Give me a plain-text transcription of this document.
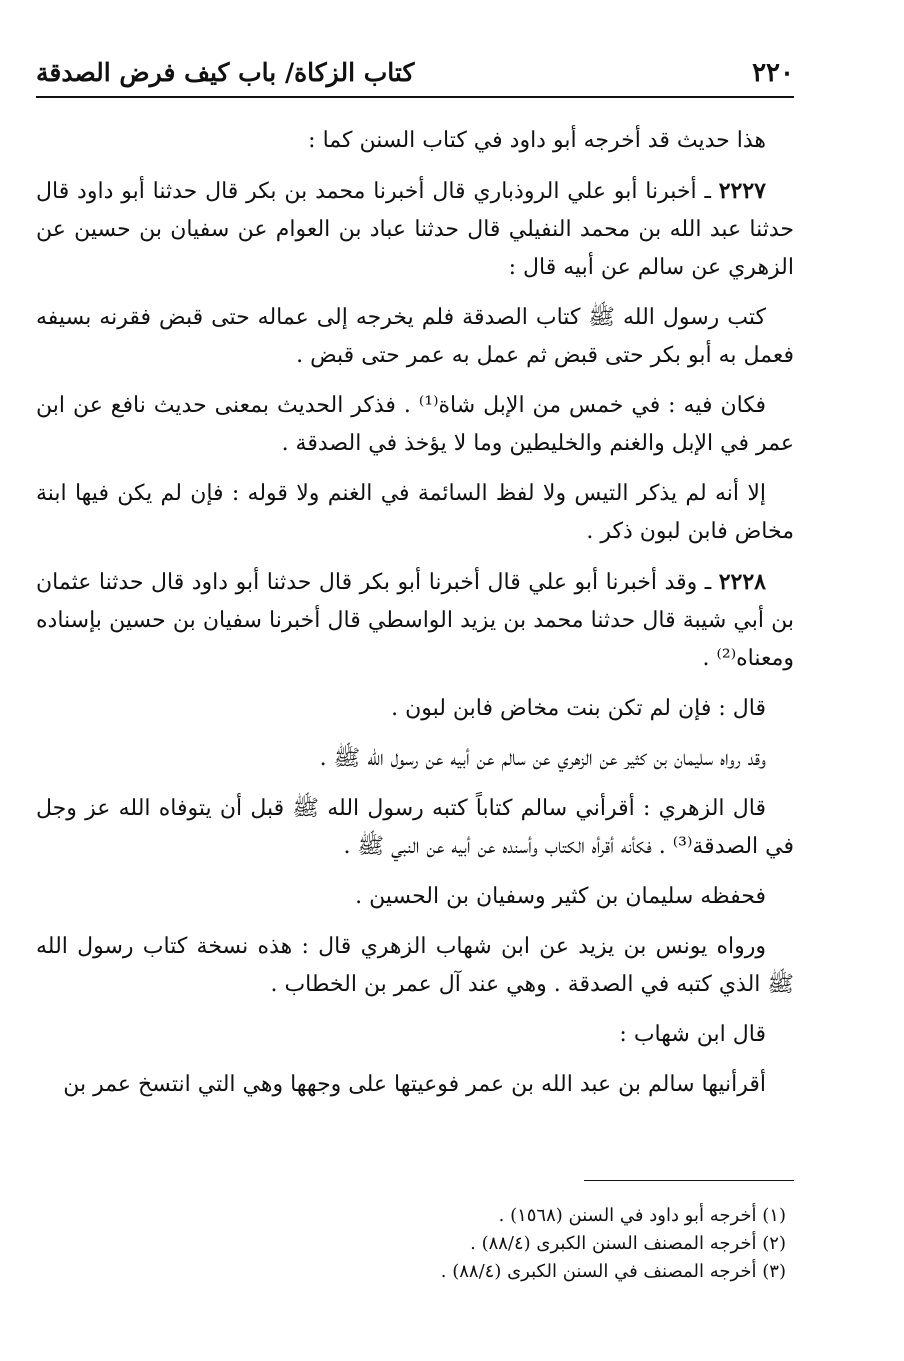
٢٢٠
كتاب الزكاة/ باب كيف فرض الصدقة

هذا حديث قد أخرجه أبو داود في كتاب السنن كما :

٢٢٢٧ ـ أخبرنا أبو علي الروذباري قال أخبرنا محمد بن بكر قال حدثنا أبو داود قال حدثنا عبد الله بن محمد النفيلي قال حدثنا عباد بن العوام عن سفيان بن حسين عن الزهري عن سالم عن أبيه قال :

كتب رسول الله ﷺ كتاب الصدقة فلم يخرجه إلى عماله حتى قبض فقرنه بسيفه فعمل به أبو بكر حتى قبض ثم عمل به عمر حتى قبض .

فكان فيه : في خمس من الإبل شاة⁽¹⁾ . فذكر الحديث بمعنى حديث نافع عن ابن عمر في الإبل والغنم والخليطين وما لا يؤخذ في الصدقة .

إلا أنه لم يذكر التيس ولا لفظ السائمة في الغنم ولا قوله : فإن لم يكن فيها ابنة مخاض فابن لبون ذكر .

٢٢٢٨ ـ وقد أخبرنا أبو علي قال أخبرنا أبو بكر قال حدثنا أبو داود قال حدثنا عثمان بن أبي شيبة قال حدثنا محمد بن يزيد الواسطي قال أخبرنا سفيان بن حسين بإسناده ومعناه⁽²⁾ .

قال : فإن لم تكن بنت مخاض فابن لبون .

وقد رواه سليمان بن كثير عن الزهري عن سالم عن أبيه عن رسول الله ﷺ .

قال الزهري : أقرأني سالم كتاباً كتبه رسول الله ﷺ قبل أن يتوفاه الله عز وجل في الصدقة⁽³⁾ . فكأنه أقرأه الكتاب وأسنده عن أبيه عن النبي ﷺ .

فحفظه سليمان بن كثير وسفيان بن الحسين .

ورواه يونس بن يزيد عن ابن شهاب الزهري قال : هذه نسخة كتاب رسول الله ﷺ الذي كتبه في الصدقة . وهي عند آل عمر بن الخطاب .

قال ابن شهاب :

أقرأنيها سالم بن عبد الله بن عمر فوعيتها على وجهها وهي التي انتسخ عمر بن

(١) أخرجه أبو داود في السنن (١٥٦٨) .

(٢) أخرجه المصنف السنن الكبرى (٨٨/٤) .

(٣) أخرجه المصنف في السنن الكبرى (٨٨/٤) .
